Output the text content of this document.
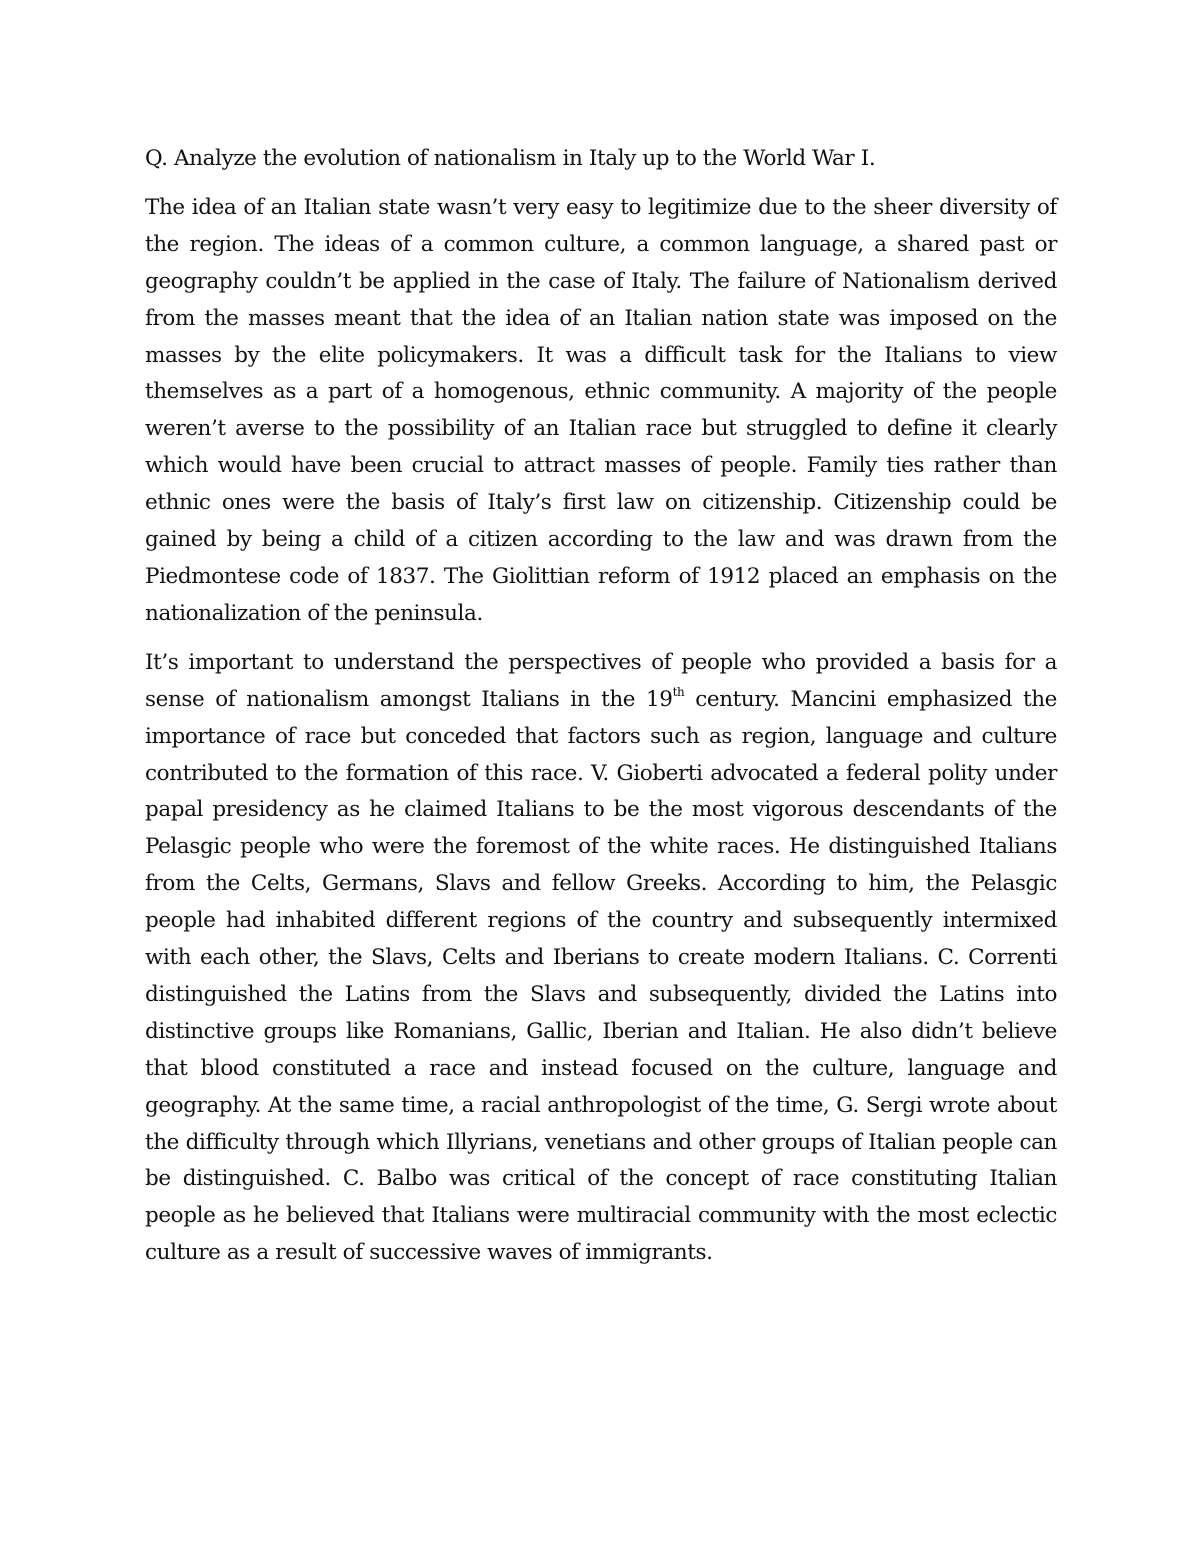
Q. Analyze the evolution of nationalism in Italy up to the World War I.

The idea of an Italian state wasn’t very easy to legitimize due to the sheer diversity of the region. The ideas of a common culture, a common language, a shared past or geography couldn’t be applied in the case of Italy. The failure of Nationalism derived from the masses meant that the idea of an Italian nation state was imposed on the masses by the elite policymakers. It was a difficult task for the Italians to view themselves as a part of a homogenous, ethnic community. A majority of the people weren’t averse to the possibility of an Italian race but struggled to define it clearly which would have been crucial to attract masses of people. Family ties rather than ethnic ones were the basis of Italy’s first law on citizenship. Citizenship could be gained by being a child of a citizen according to the law and was drawn from the Piedmontese code of 1837. The Giolittian reform of 1912 placed an emphasis on the nationalization of the peninsula.

It’s important to understand the perspectives of people who provided a basis for a sense of nationalism amongst Italians in the 19th century. Mancini emphasized the importance of race but conceded that factors such as region, language and culture contributed to the formation of this race. V. Gioberti advocated a federal polity under papal presidency as he claimed Italians to be the most vigorous descendants of the Pelasgic people who were the foremost of the white races. He distinguished Italians from the Celts, Germans, Slavs and fellow Greeks. According to him, the Pelasgic people had inhabited different regions of the country and subsequently intermixed with each other, the Slavs, Celts and Iberians to create modern Italians. C. Correnti distinguished the Latins from the Slavs and subsequently, divided the Latins into distinctive groups like Romanians, Gallic, Iberian and Italian. He also didn’t believe that blood constituted a race and instead focused on the culture, language and geography. At the same time, a racial anthropologist of the time, G. Sergi wrote about the difficulty through which Illyrians, venetians and other groups of Italian people can be distinguished. C. Balbo was critical of the concept of race constituting Italian people as he believed that Italians were multiracial community with the most eclectic culture as a result of successive waves of immigrants.
